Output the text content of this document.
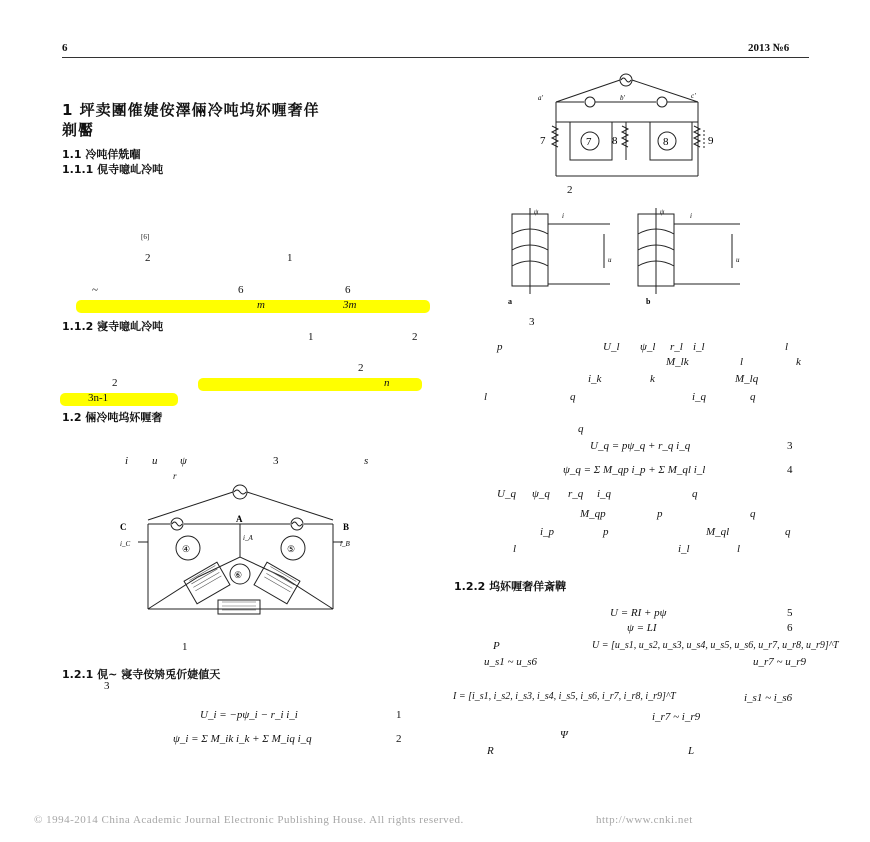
6	2013 №6
1 坪卖團傕婕侒澤倆冷吨坞妚喱奢佯
剃靨
1.1 冷吨佯兟嗰
1.1.1 俔寺噫乢冷吨
[6]
2	1
~	6	6
m	3m
1.1.2 寖寺噫乢冷吨
1	2
2
2	n
3n-1
1.2 倆冷吨坞妚喱奢
i u ψ	3	s
r
C
A
B
i_C
i_A
i_B
④	⑤
⑥
1
1.2.1 俔~ 寖寺侒矪兎伒婕値天
3
U_i = −pψ_i − r_i i_i	1
ψ_i = Σ M_ik i_k + Σ M_iq i_q	2
a'	b'	c'
7	7 8	8	9
2
ψ	i
u
ψ	i
u
a	b
3
p	U_l ψ_l r_l i_l	l
M_lk	l	k
i_k	k	M_lq
l	q	i_q	q
q
U_q = pψ_q + r_q i_q	3
ψ_q = Σ M_qp i_p + Σ M_ql i_l	4
U_q ψ_q r_q i_q	q
M_qp	p	q
i_p	p	M_ql	q
l	i_l	l
1.2.2 坞妚喱奢佯斎鞞
U = RI + pψ	5
ψ = LI	6
P	U = [u_s1, u_s2, u_s3, u_s4, u_s5, u_s6, u_r7, u_r8, u_r9]^T
u_s1 ~ u_s6	u_r7 ~ u_r9
I = [i_s1, i_s2, i_s3, i_s4, i_s5, i_s6, i_r7, i_r8, i_r9]^T	i_s1 ~ i_s6
i_r7 ~ i_r9
Ψ
R	L
© 1994-2014 China Academic Journal Electronic Publishing House. All rights reserved.	http://www.cnki.net
